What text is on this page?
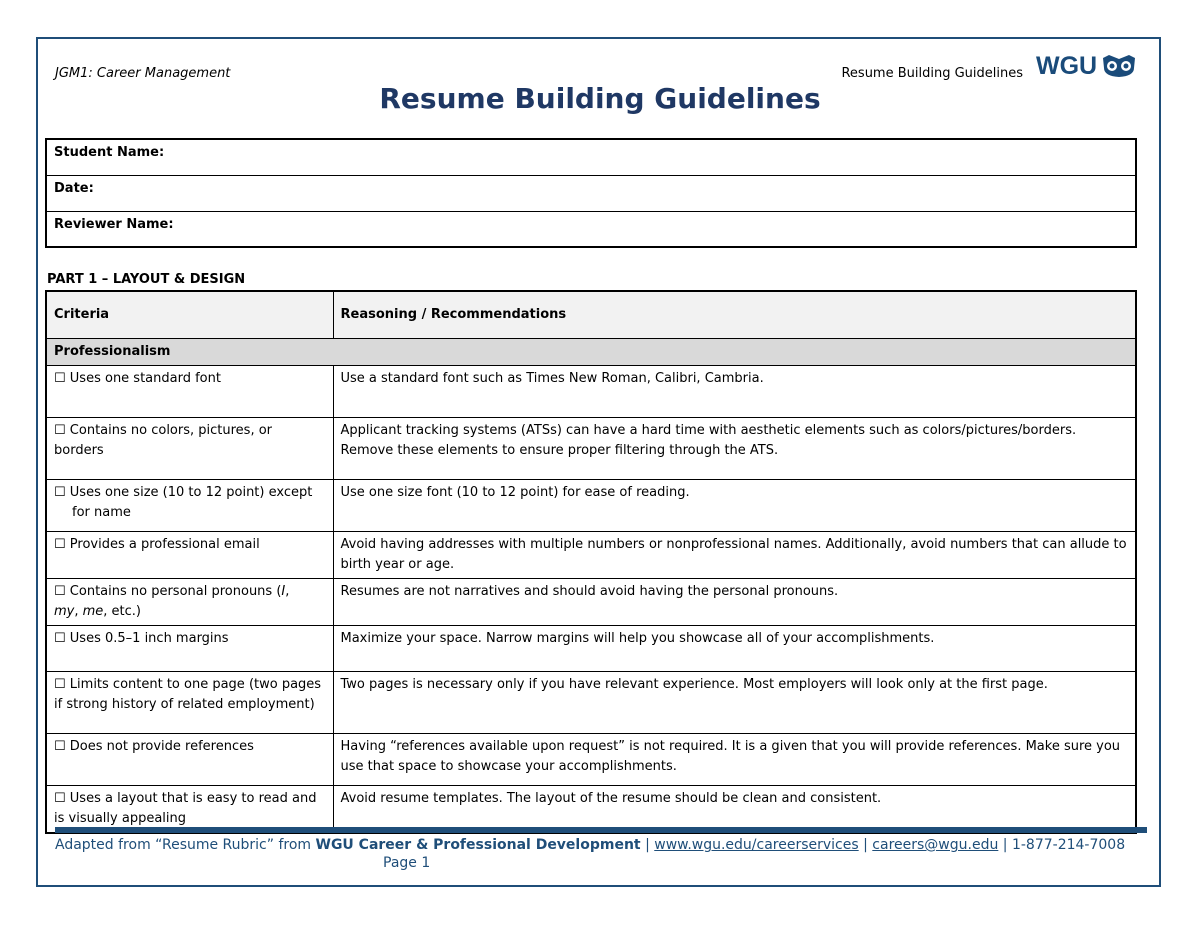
JGM1: Career Management	Resume Building Guidelines WGU
Resume Building Guidelines
Student Name:
Date:
Reviewer Name:
PART 1 – LAYOUT & DESIGN
Criteria	Reasoning / Recommendations
Professionalism	
☐ Uses one standard font	Use a standard font such as Times New Roman, Calibri, Cambria.
☐ Contains no colors, pictures, or borders	Applicant tracking systems (ATSs) can have a hard time with aesthetic elements such as colors/pictures/borders. Remove these elements to ensure proper filtering through the ATS.
☐ Uses one size (10 to 12 point) except
for name	Use one size font (10 to 12 point) for ease of reading.
☐ Provides a professional email	Avoid having addresses with multiple numbers or nonprofessional names. Additionally, avoid numbers that can allude to birth year or age.
☐ Contains no personal pronouns (I,
my, me, etc.)	Resumes are not narratives and should avoid having the personal pronouns.
☐ Uses 0.5–1 inch margins	Maximize your space. Narrow margins will help you showcase all of your accomplishments.
☐ Limits content to one page (two pages if strong history of related employment)	Two pages is necessary only if you have relevant experience. Most employers will look only at the first page.
☐ Does not provide references	Having “references available upon request” is not required. It is a given that you will provide references. Make sure you use that space to showcase your accomplishments.
☐ Uses a layout that is easy to read and is visually appealing	Avoid resume templates. The layout of the resume should be clean and consistent.
Adapted from “Resume Rubric” from WGU Career & Professional Development | www.wgu.edu/careerservices | careers@wgu.edu | 1-877-214-7008
Page 1
